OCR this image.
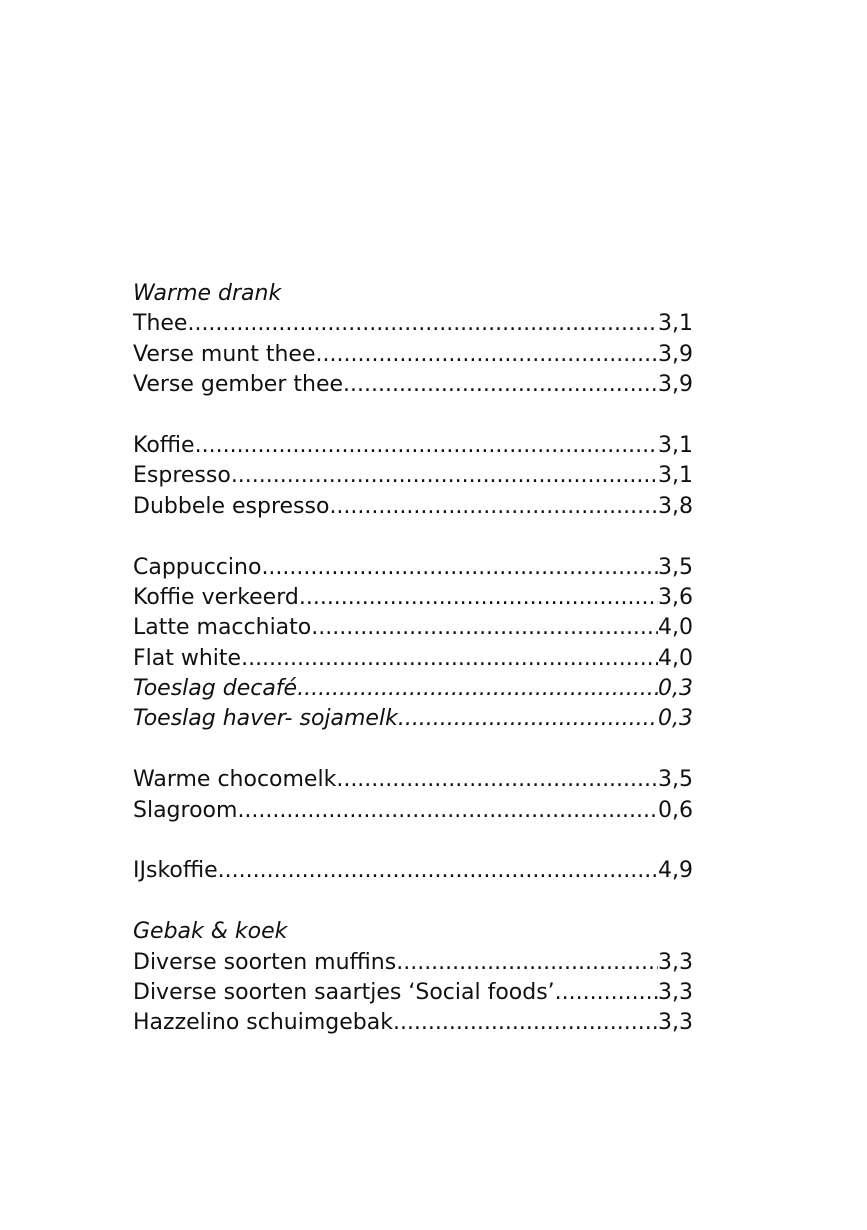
Warme drank
Thee .....	3,1
Verse munt thee .....	3,9
Verse gember thee .....	3,9
Koffie .....	3,1
Espresso .....	3,1
Dubbele espresso .....	3,8
Cappuccino .....	3,5
Koffie verkeerd .....	3,6
Latte macchiato .....	4,0
Flat white .....	4,0
Toeslag decafé .....	0,3
Toeslag haver- sojamelk .....	0,3
Warme chocomelk .....	3,5
Slagroom .....	0,6
IJskoffie .....	4,9
Gebak & koek
Diverse soorten muffins .....	3,3
Diverse soorten saartjes ‘Social foods’ .....	3,3
Hazzelino schuimgebak .....	3,3
